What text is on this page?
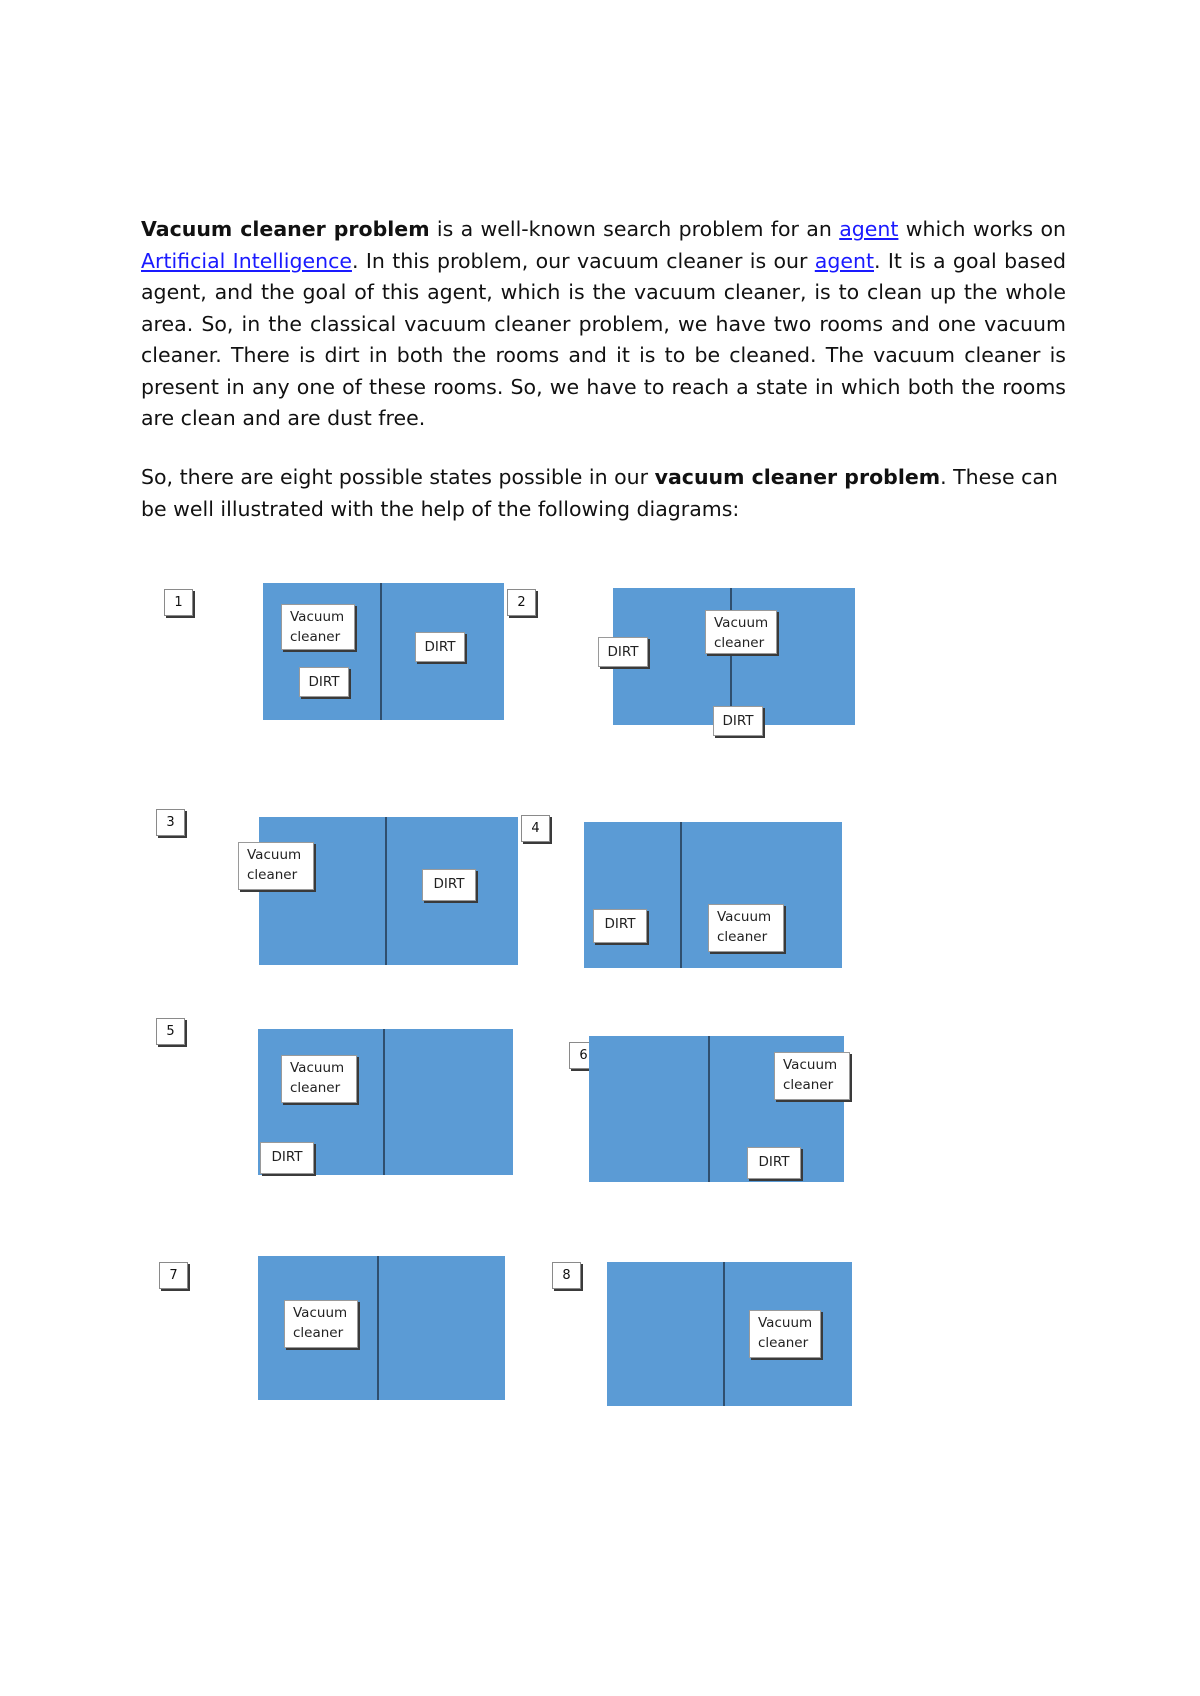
Vacuum cleaner problem is a well-known search problem for an agent which works on Artificial Intelligence. In this problem, our vacuum cleaner is our agent. It is a goal based agent, and the goal of this agent, which is the vacuum cleaner, is to clean up the whole area. So, in the classical vacuum cleaner problem, we have two rooms and one vacuum cleaner. There is dirt in both the rooms and it is to be cleaned. The vacuum cleaner is present in any one of these rooms. So, we have to reach a state in which both the rooms are clean and are dust free.

So, there are eight possible states possible in our vacuum cleaner problem. These can be well illustrated with the help of the following diagrams:

1
Vacuum
cleaner
DIRT
DIRT
2
Vacuum
cleaner
DIRT
DIRT
3
DIRT
Vacuum
cleaner
4
DIRT	Vacuum
cleaner
5
Vacuum
cleaner
DIRT
6
DIRT
Vacuum
cleaner
7
Vacuum
cleaner
8
Vacuum
cleaner
